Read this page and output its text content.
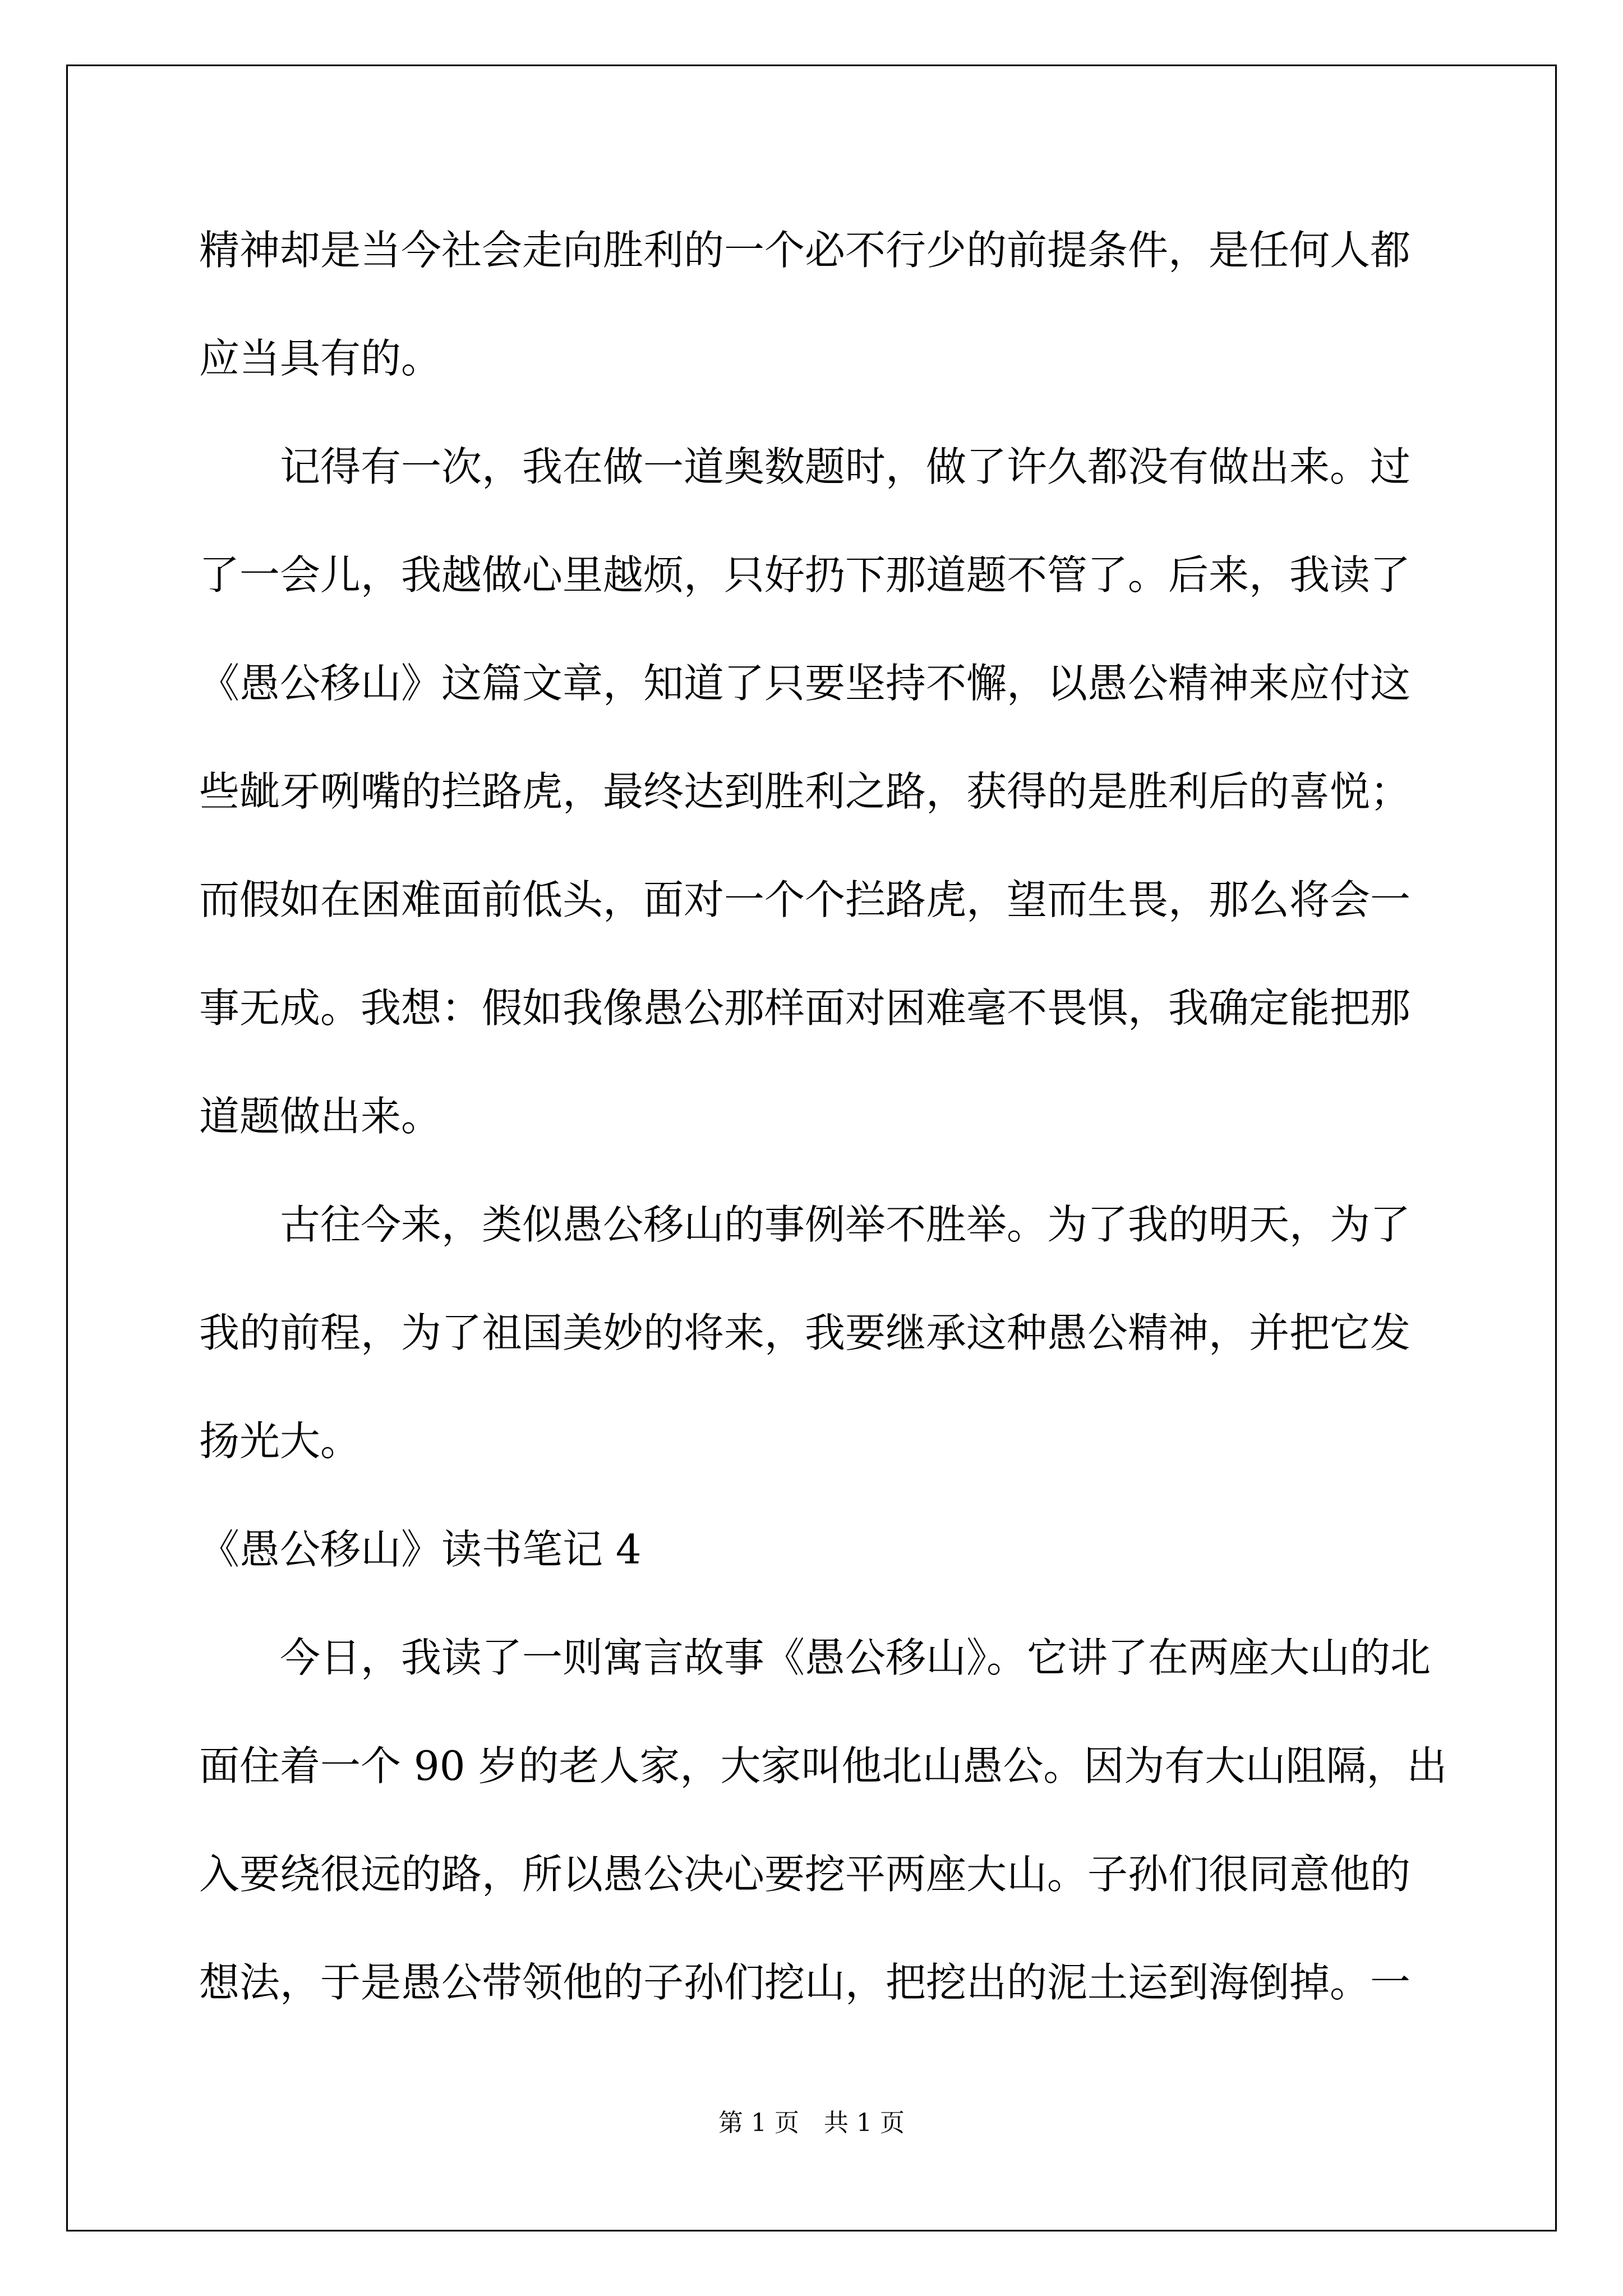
精神却是当今社会走向胜利的一个必不行少的前提条件，是任何人都
应当具有的。
　　记得有一次，我在做一道奥数题时，做了许久都没有做出来。过
了一会儿，我越做心里越烦，只好扔下那道题不管了。后来，我读了
《愚公移山》这篇文章，知道了只要坚持不懈，以愚公精神来应付这
些龇牙咧嘴的拦路虎，最终达到胜利之路，获得的是胜利后的喜悦；
而假如在困难面前低头，面对一个个拦路虎，望而生畏，那么将会一
事无成。我想：假如我像愚公那样面对困难毫不畏惧，我确定能把那
道题做出来。
　　古往今来，类似愚公移山的事例举不胜举。为了我的明天，为了
我的前程，为了祖国美妙的将来，我要继承这种愚公精神，并把它发
扬光大。
《愚公移山》读书笔记 4
　　今日，我读了一则寓言故事《愚公移山》。它讲了在两座大山的北
面住着一个 90 岁的老人家，大家叫他北山愚公。因为有大山阻隔，出
入要绕很远的路，所以愚公决心要挖平两座大山。子孙们很同意他的
想法，于是愚公带领他的子孙们挖山，把挖出的泥土运到海倒掉。一
第 1 页　共 1 页
